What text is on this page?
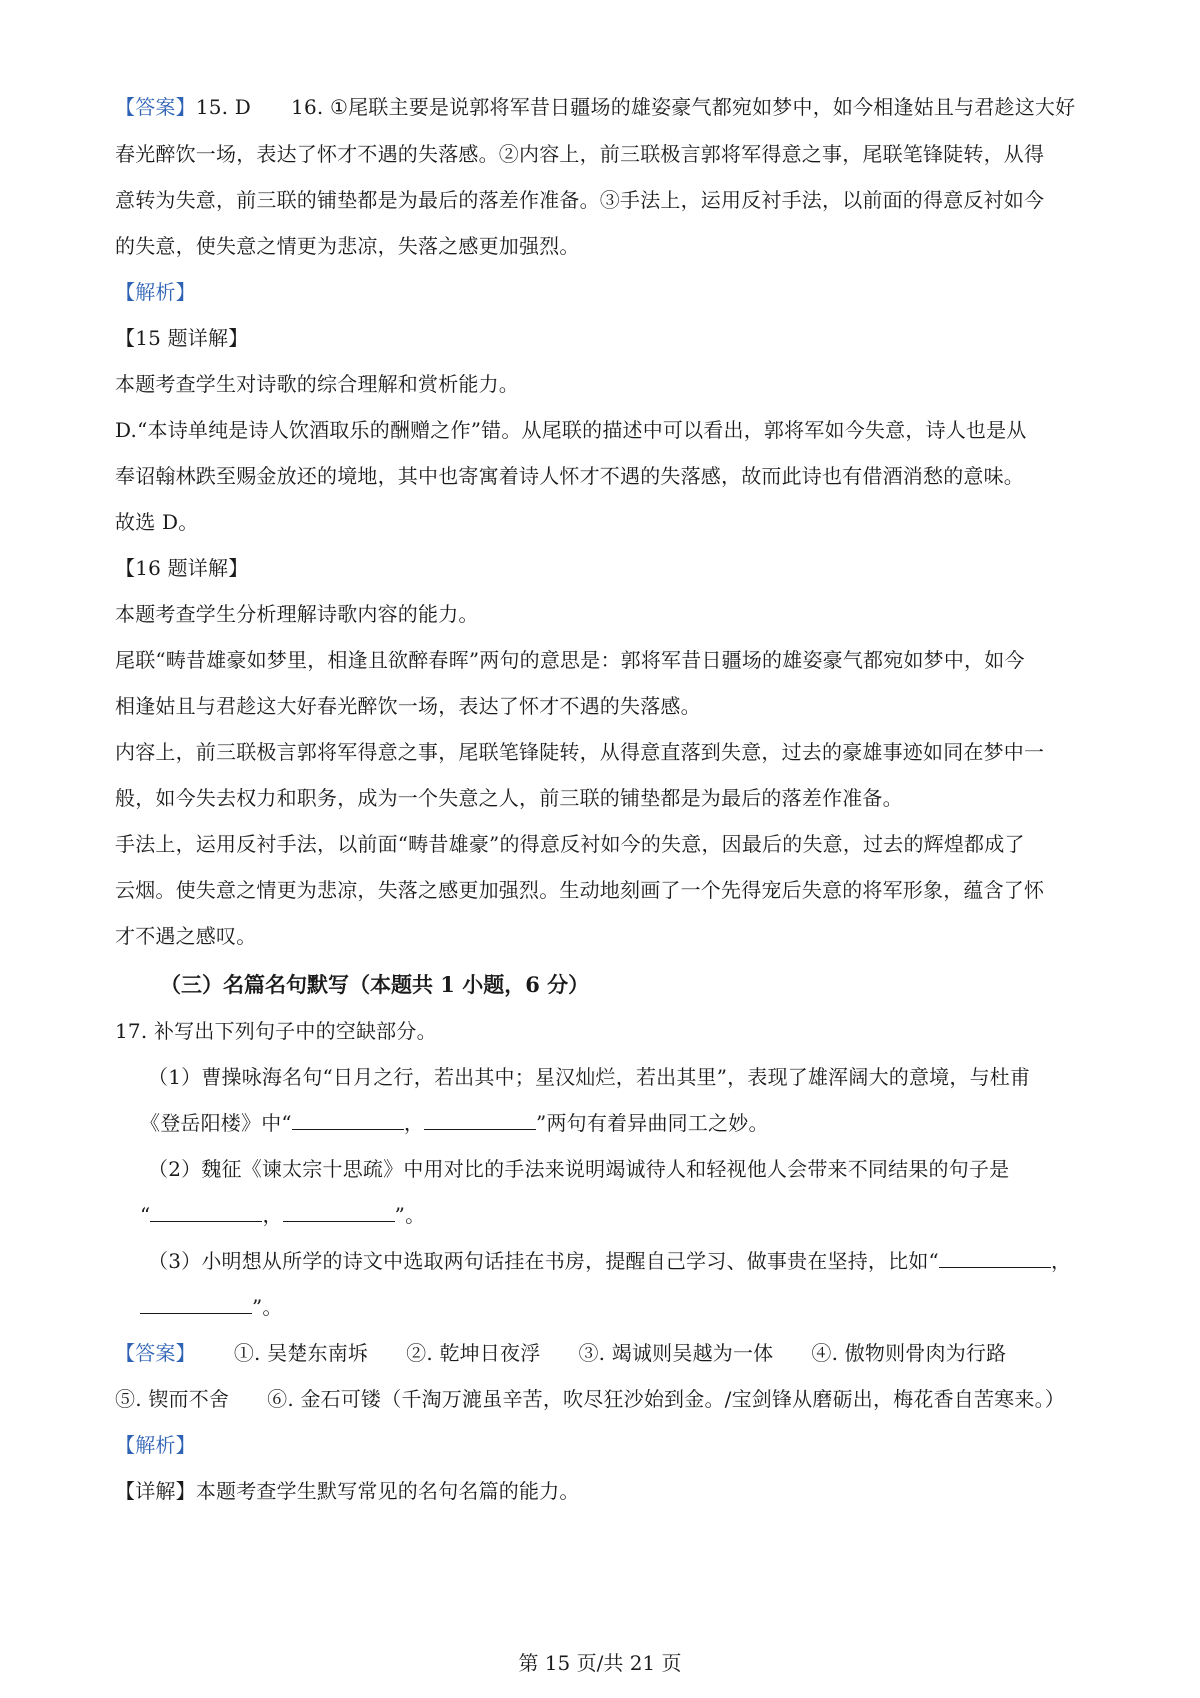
【答案】15. D 16. ①尾联主要是说郭将军昔日疆场的雄姿豪气都宛如梦中，如今相逢姑且与君趁这大好
春光醉饮一场，表达了怀才不遇的失落感。②内容上，前三联极言郭将军得意之事，尾联笔锋陡转，从得
意转为失意，前三联的铺垫都是为最后的落差作准备。③手法上，运用反衬手法，以前面的得意反衬如今
的失意，使失意之情更为悲凉，失落之感更加强烈。
【解析】
【15 题详解】
本题考查学生对诗歌的综合理解和赏析能力。
D.“本诗单纯是诗人饮酒取乐的酬赠之作”错。从尾联的描述中可以看出，郭将军如今失意，诗人也是从
奉诏翰林跌至赐金放还的境地，其中也寄寓着诗人怀才不遇的失落感，故而此诗也有借酒消愁的意味。
故选 D。
【16 题详解】
本题考查学生分析理解诗歌内容的能力。
尾联“畴昔雄豪如梦里，相逢且欲醉春晖”两句的意思是：郭将军昔日疆场的雄姿豪气都宛如梦中，如今
相逢姑且与君趁这大好春光醉饮一场，表达了怀才不遇的失落感。
内容上，前三联极言郭将军得意之事，尾联笔锋陡转，从得意直落到失意，过去的豪雄事迹如同在梦中一
般，如今失去权力和职务，成为一个失意之人，前三联的铺垫都是为最后的落差作准备。
手法上，运用反衬手法，以前面“畴昔雄豪”的得意反衬如今的失意，因最后的失意，过去的辉煌都成了
云烟。使失意之情更为悲凉，失落之感更加强烈。生动地刻画了一个先得宠后失意的将军形象，蕴含了怀
才不遇之感叹。
（三）名篇名句默写（本题共 1 小题，6 分）
17. 补写出下列句子中的空缺部分。
（1）曹操咏海名句“日月之行，若出其中；星汉灿烂，若出其里”，表现了雄浑阔大的意境，与杜甫
《登岳阳楼》中“	，	”两句有着异曲同工之妙。
（2）魏征《谏太宗十思疏》中用对比的手法来说明竭诚待人和轻视他人会带来不同结果的句子是
“	，	”。
（3）小明想从所学的诗文中选取两句话挂在书房，提醒自己学习、做事贵在坚持，比如“	，
”。
【答案】 ①. 吴楚东南坼 ②. 乾坤日夜浮 ③. 竭诚则吴越为一体 ④. 傲物则骨肉为行路
⑤. 锲而不舍 ⑥. 金石可镂（千淘万漉虽辛苦，吹尽狂沙始到金。/宝剑锋从磨砺出，梅花香自苦寒来。）
【解析】
【详解】本题考查学生默写常见的名句名篇的能力。
第 15 页/共 21 页
